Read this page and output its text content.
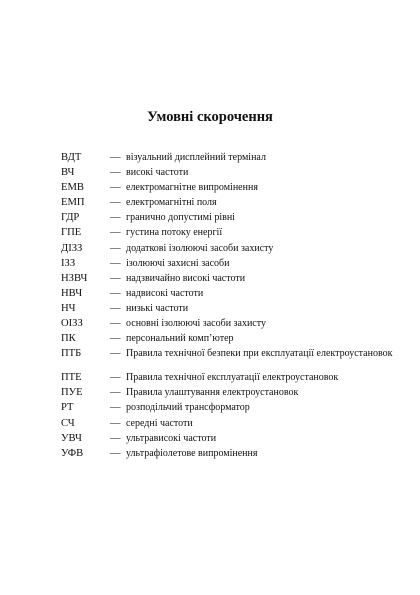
Умовні скорочення
ВДТ	— візуальний дисплейний термінал
ВЧ	— високі частоти
ЕМВ	— електромагнітне випромінення
ЕМП	— електромагнітні поля
ГДР	— гранично допустимі рівні
ГПЕ	— густина потоку енергії
ДІЗЗ	— додаткові ізолюючі засоби захисту
ІЗЗ	— ізолюючі захисні засоби
НЗВЧ	— надзвичайно високі частоти
НВЧ	— надвисокі частоти
НЧ	— низькі частоти
ОІЗЗ	— основні ізолюючі засоби захисту
ПК	— персональний комп’ютер
ПТБ	— Правила технічної безпеки при експлуатації електроустановок
ПТЕ	— Правила технічної експлуатації електроустановок
ПУЕ	— Правила улаштування електроустановок
РТ	— розподільчий трансформатор
СЧ	— середні частоти
УВЧ	— ультрависокі частоти
УФВ	— ультрафіолетове випромінення
